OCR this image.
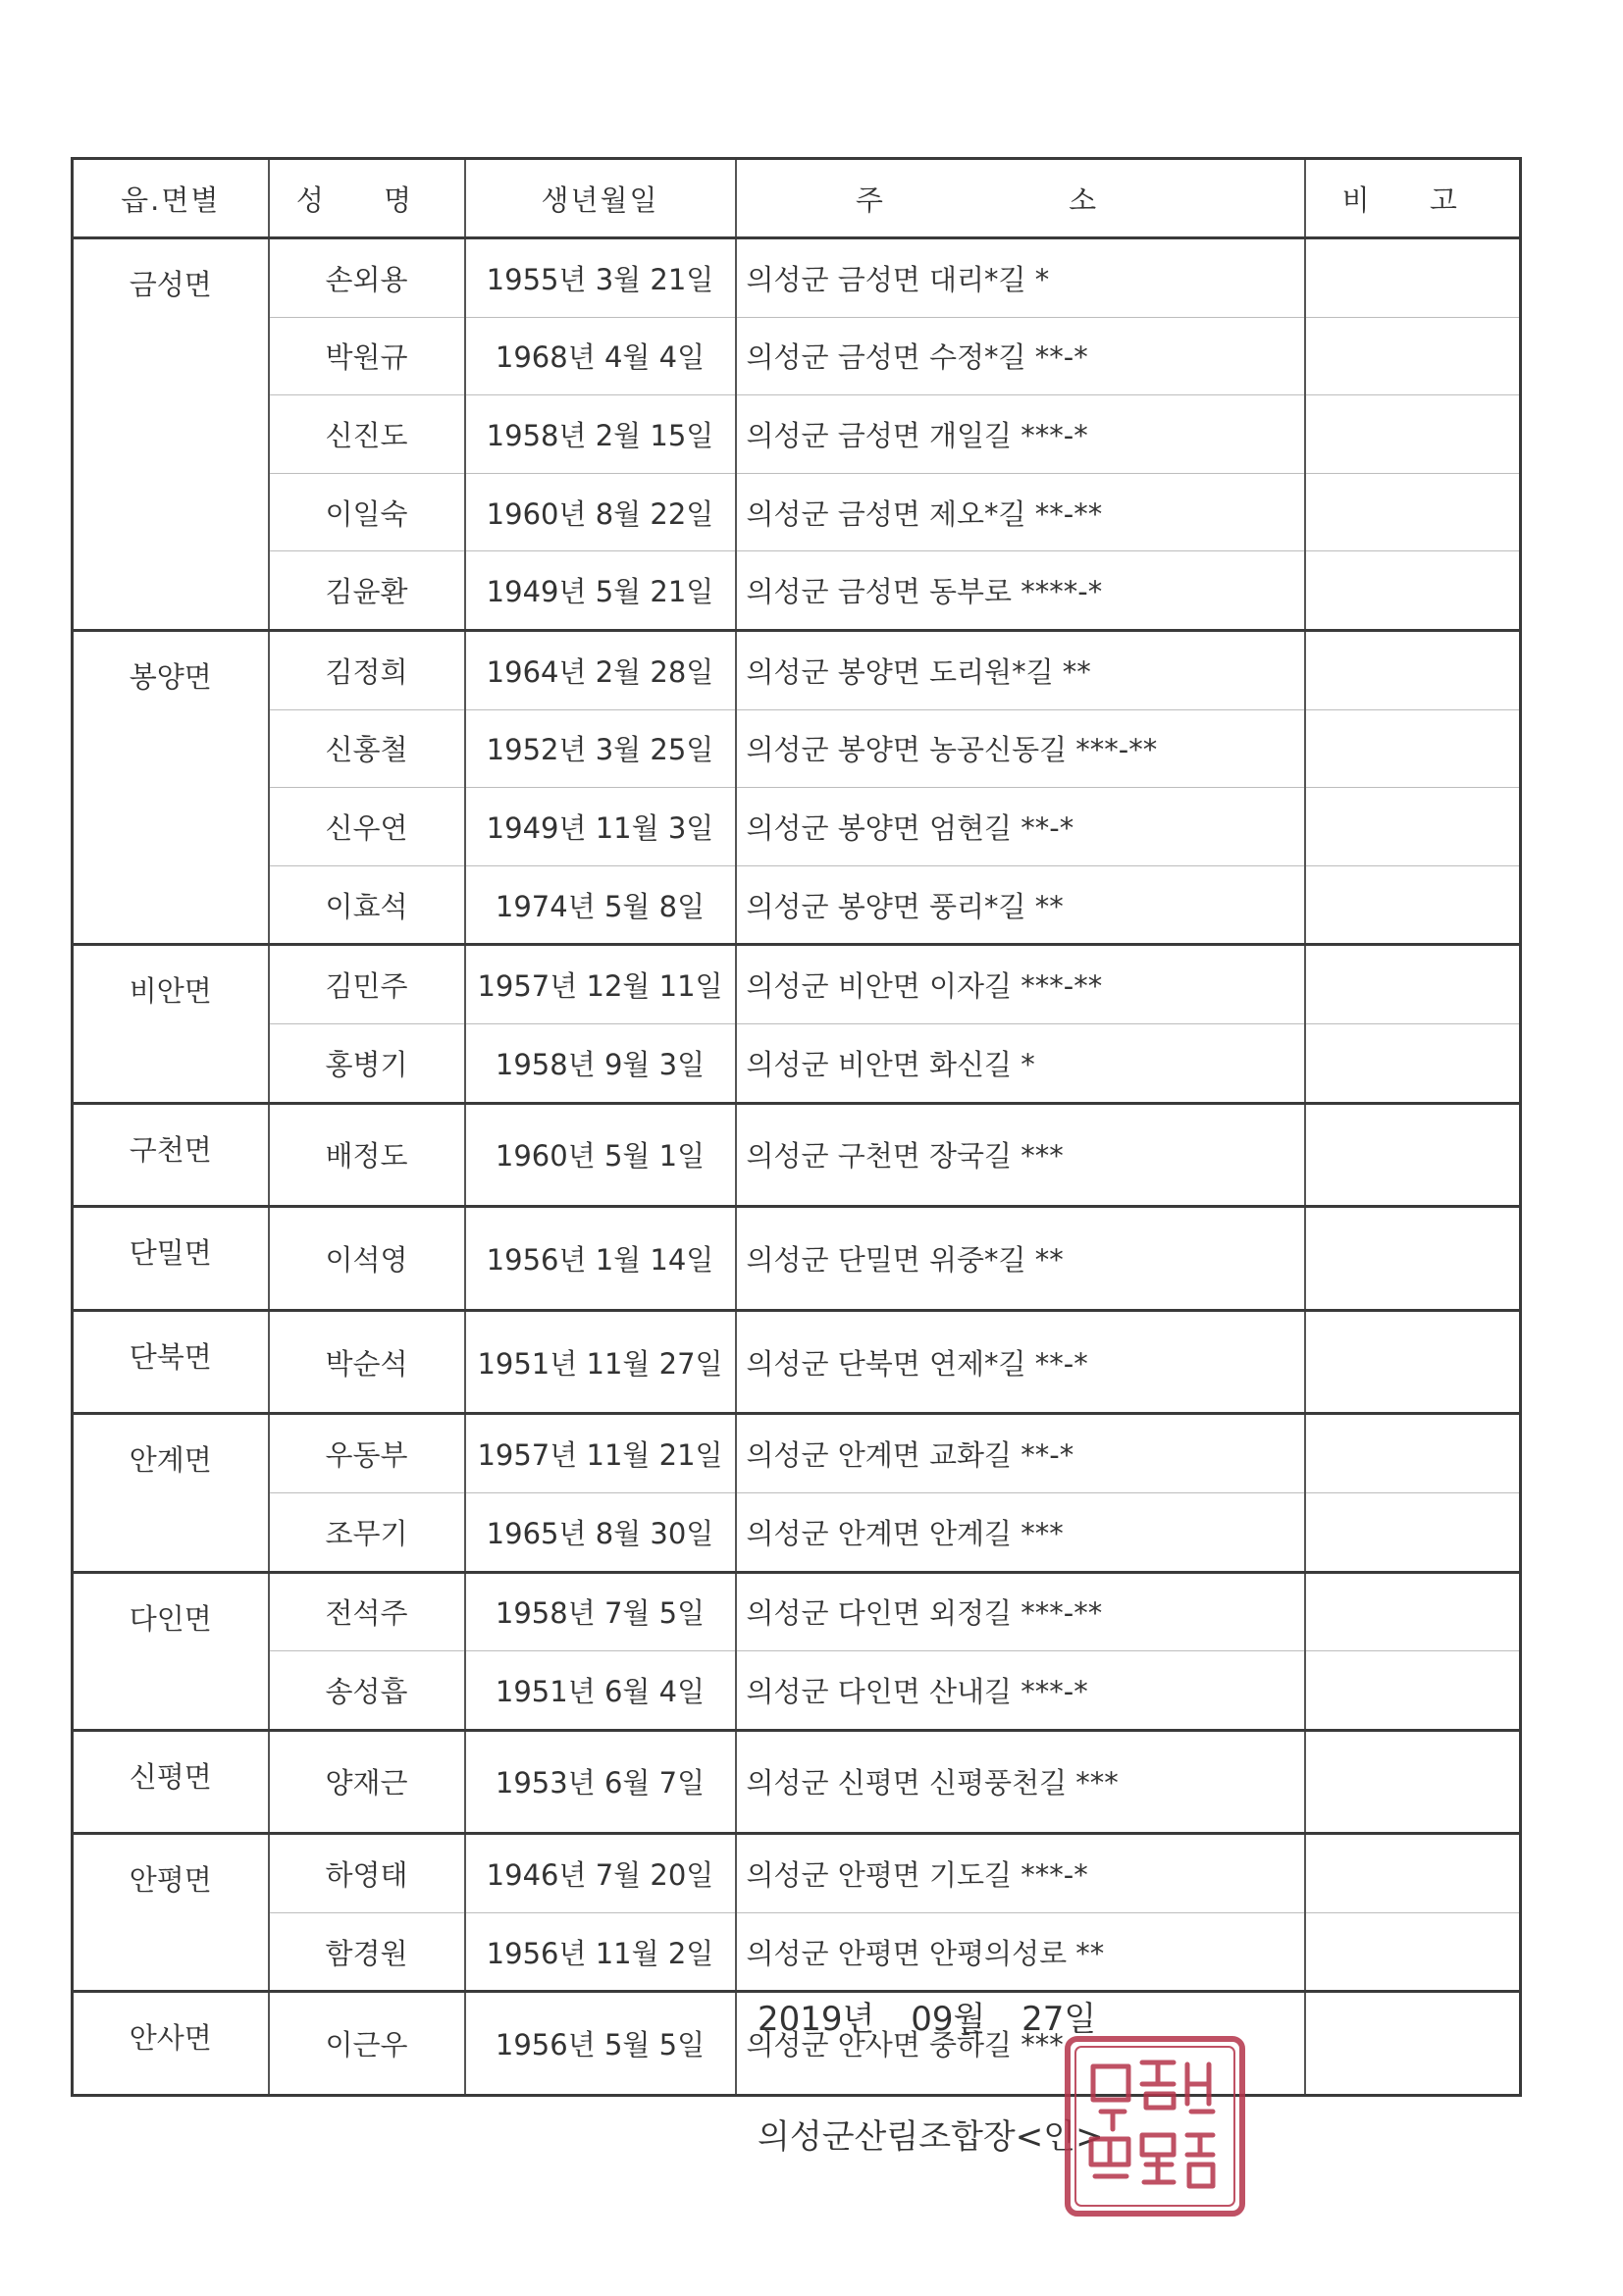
읍.면별	성 명	생년월일	주 소	비 고
금성면	손외용	1955년 3월 21일	의성군 금성면 대리*길 *	
	박원규	1968년 4월 4일	의성군 금성면 수정*길 **-*	
	신진도	1958년 2월 15일	의성군 금성면 개일길 ***-*	
	이일숙	1960년 8월 22일	의성군 금성면 제오*길 **-**	
	김윤환	1949년 5월 21일	의성군 금성면 동부로 ****-*	
봉양면	김정희	1964년 2월 28일	의성군 봉양면 도리원*길 **	
	신홍철	1952년 3월 25일	의성군 봉양면 농공신동길 ***-**	
	신우연	1949년 11월 3일	의성군 봉양면 엄현길 **-*	
	이효석	1974년 5월 8일	의성군 봉양면 풍리*길 **	
비안면	김민주	1957년 12월 11일	의성군 비안면 이자길 ***-**	
	홍병기	1958년 9월 3일	의성군 비안면 화신길 *	
구천면	배정도	1960년 5월 1일	의성군 구천면 장국길 ***	
단밀면	이석영	1956년 1월 14일	의성군 단밀면 위중*길 **	
단북면	박순석	1951년 11월 27일	의성군 단북면 연제*길 **-*	
안계면	우동부	1957년 11월 21일	의성군 안계면 교화길 **-*	
	조무기	1965년 8월 30일	의성군 안계면 안계길 ***	
다인면	전석주	1958년 7월 5일	의성군 다인면 외정길 ***-**	
	송성흡	1951년 6월 4일	의성군 다인면 산내길 ***-*	
신평면	양재근	1953년 6월 7일	의성군 신평면 신평풍천길 ***	
안평면	하영태	1946년 7월 20일	의성군 안평면 기도길 ***-*	
	함경원	1956년 11월 2일	의성군 안평면 안평의성로 **	
안사면	이근우	1956년 5월 5일	의성군 안사면 중하길 ***	
2019년 09월 27일
의성군산림조합장<인>
